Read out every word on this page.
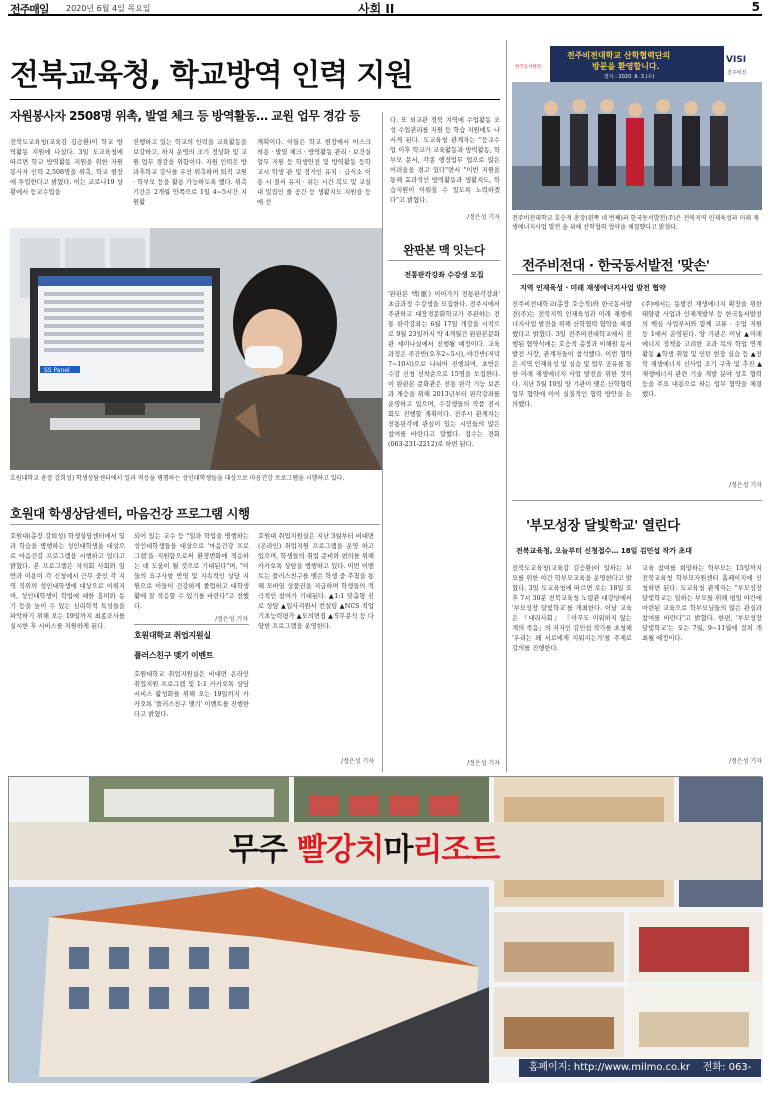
전주매일 2020년 6월 4일 목요일	사회 II	5
전북교육청, 학교방역 인력 지원
자원봉사자 2508명 위촉, 발열 체크 등 방역활동… 교원 업무 경감 등
전북도교육청(교육감 김승환)이 학교 방역활동 지원에 나섰다. 3일 도교육청에 따르면 학교 방역활동 지원을 위한 자원봉사자 인력 2,508명을 위촉, 학교 현장에 투입한다고 밝혔다. 이는 코로나19 상황에서 등교수업을
진행하고 있는 학교의 인력을 교육활동을 보강하고, 하지 운영의 조기 정상화 및 교원 업무 경감을 위함이다. 지원 인력은 방과후학교 강사를 우선 위촉하며 퇴직 교원 · 학부모 등을 활용 가능하도록 했다. 위촉 기간은 2개월 안쪽으로 1일 4~5시간 지원활
계획이다. 이들은 학교 현장에서 마스크 착용 · 발열 체크 · 방역활동 관리 · 보건실 업무 지원 등 학생안전 및 방역활동 등학교시 학생 관 및 정거인 유치 · 급식소 이용 시 질서 유지 · 쉬는 시간 복도 및 교실내 밀집인 줄 공간 등 생활지도 지원을 등에 선
다. 또 외교관 경북 지역에 수업활동 조성 수업관리를 지원 등 학습 지원에도 나서게 된다. 도교육청 관계자는 "등교수업 이후 학교가 교육활동과 방역활동, 학부모 문서, 각종 행정업무 업으로 많은 어려움을 겪고 있다"면서 "이번 지원을 통해 효과적인 방역활동과 생활지도, 학습지원이 이뤄질 수 있도록 노력하겠다"고 밝혔다.
/정은성 기자
SS Panel
호원대학교 총장 강희성) 학생상담센터에서 일과 적응을 병행하는 성인대학생들을 대상으로 마음건강 프로그램을 시행하고 있다.
호원대 학생상담센터, 마음건강 프로그램 시행
호원대(총장 강희성) 학생상담센터에서 일과 학습을 병행하는 성인대학생을 대상으로 마음건강 프로그램을 시행하고 있다고 밝혔다. 본 프로그램은 자치회 사회와 일 반과 이용이 각 신청에서 근무 중인 각 지역 직위의 성인대학생에 대상으로 이뤄지며, 성인대학생이 학업에 대한 흥미와 동기 등을 높이 수 있는 심리학적 특성들을 파악하기 위해 오는 19일까지 최종조사를 실시한 후 시비스를 지원하게 된다.
되어 있는 교수 등 "일과 학업을 병행하는 성인대학생들을 대상으로 '마음건강 프로그램'을 지원함으로써 환경변화에 적응하는 데 도움이 될 것으로 기대된다"며, "이들의 요구사항 반영 및 지속적인 상담 지원으로 이들이 건강하게 졸업하고 대학생활에 잘 적응할 수 있기를 바란다"고 전했다.
/정은성 기자
호원대학교 취업지원실
플러스친구 맺기 이벤트
호원대학교 취업지원실은 비대면 온라인 취업지원 프로그램 및 1:1 카카오톡 상담 서비스 활성화를 위해 오는 19일까지 카카오톡 '플러스친구 맺기' 이벤트를 진행한다고 밝혔다.
호원대 취업지원실은 지난 3월부터 비대면(온라인) 취업지원 프로그램을 운영 하고 있으며, 학생들의 취업 준비와 편의를 위해 카카오톡 상담을 병행하고 있다. 이번 이벤트는 플러스친구를 맺은 학생 중 추첨을 통해 모바일 상품권을 지급하며 학생들의 적극적인 참여가 기대된다. ▲1:1 맞춤형 진로 상담 ▲입사지원서 컨설팅 ▲NCS 직업기초능력평가 ▲모의면접 ▲직무분석 등 다양한 프로그램을 운영한다.
/정은성 기자
완판본 맥 잇는다
전통판각강좌 수강생 모집
'완판본 맥(脈) 이어가기 전통판각강좌' 초급과정 수강생을 모집한다. 전주시에서 주관하고 대장경문화학교가 주관하는 전통 판각강좌는 6월 17일 개강을 시작으로 9월 23일까지 약 4개월간 완판본문화관 세미나실에서 진행될 예정이다. 교육 과정은 주간반(오후2~5시), 야간반(저녁7~10시)으로 나뉘어 진행되며, 초반은 수강 신청 선착순으로 15명을 모집한다. 이 완판본 문화관은 전통 판각 기능 보존과 계승을 위해 2013년부터 판각강좌를 운영하고 있으며, 수강생들의 작품 전시회도 진행할 계획이다. 전주시 관계자는 전통판각에 관심이 있는 시민들의 많은 참여를 바란다고 말했다. 접수는 전화(063-231-2212)로 하면 된다.
/정은성 기자
한국동서발전
전주비전대학교 산학협력단의
방문을 환영합니다.
일시 : 2020. 6. 3.(수)
VISI
전주비전
전주비전대학교 호승적 총장(왼쪽 네 번째)과 한국동서발전(주)은 전북지역 인재육성과 미래 재생에너지사업 발전 을 위해 산학협력 협약을 체결했다고 밝혔다.
전주비전대 · 한국동서발전 '맞손'
지역 인재육성 · 미래 재생에너지사업 발전 협약
전주비전대학교(총장 호승적)와 한국동서발전(주)는 전북지역 인재육성과 미래 재생에너지사업 발전을 위해 산학협력 협약을 체결했다고 밝혔다. 3일 전주비전대학교에서 진행된 협약식에는 호승적 총장과 이해원 동서발전 사장, 관계자들이 참석했다. 이번 협약은 지역 인재육성 및 실습 및 업무 공유를 통한 미래 재생에너지 사업 발전을 위한 것이다. 지난 5월 10일 양 기관이 맺은 산학협력 업무 협약에 이어 실질적인 협력 방안을 논의했다.
(주)에서는 동발전 재생에너지 확장을 위한 태양광 사업과 인재개발부 등 한국동서발전의 핵심 사업부서와 함께 교류 · 수업 지원 등 1에서 운영된다. 양 기관은 이날 ▲미래 에너지 정책을 고려한 교과 목의 학업 연계 활동 ▲학생 취업 및 인턴 현장 실습 등 ▲전북 재생에너지 신사업 조기 구축 및 추진 ▲재생에너지 관련 기술 개발 분야 상호 협력 등을 주요 내용으로 하는 업무 협약을 체결했다.
/정은성 기자
'부모성장 달빛학교' 열린다
전북교육청, 오늘부터 신청접수… 18일 김민섭 작가 초대
전북도교육청(교육감 김승환)이 일하는 부모를 위한 야간 학부모교육을 운영한다고 밝혔다. 3일 도교육청에 따르면 오는 18일 오후 7시 30분 전북교육청 노령관 대강당에서 '부모성장 달빛학교'를 개최한다. 이날 교육은 『대리사회』 『아무도 미워하지 않는 개의 죽음』의 저자인 김민섭 작가를 초청해 '우리는 왜 서로에게 지워지는가'를 주제로 강의를 진행한다.
교육 참여를 희망하는 학부모는 15일까지 전북교육청 학부모지원센터 홈페이지에 신청하면 된다. 도교육청 관계자는 "부모성장 달빛학교는 일하는 부모를 위해 평일 야간에 마련된 교육으로 학부모님들의 많은 관심과 참여를 바란다"고 밝혔다. 한편, '부모성장 달빛학교'는 오는 7월, 9~11월에 걸쳐 개최될 예정이다.
/정은성 기자
무주 빨강치마리조트
홈페이지: http://www.milmo.co.kr 전화: 063-322-7000
